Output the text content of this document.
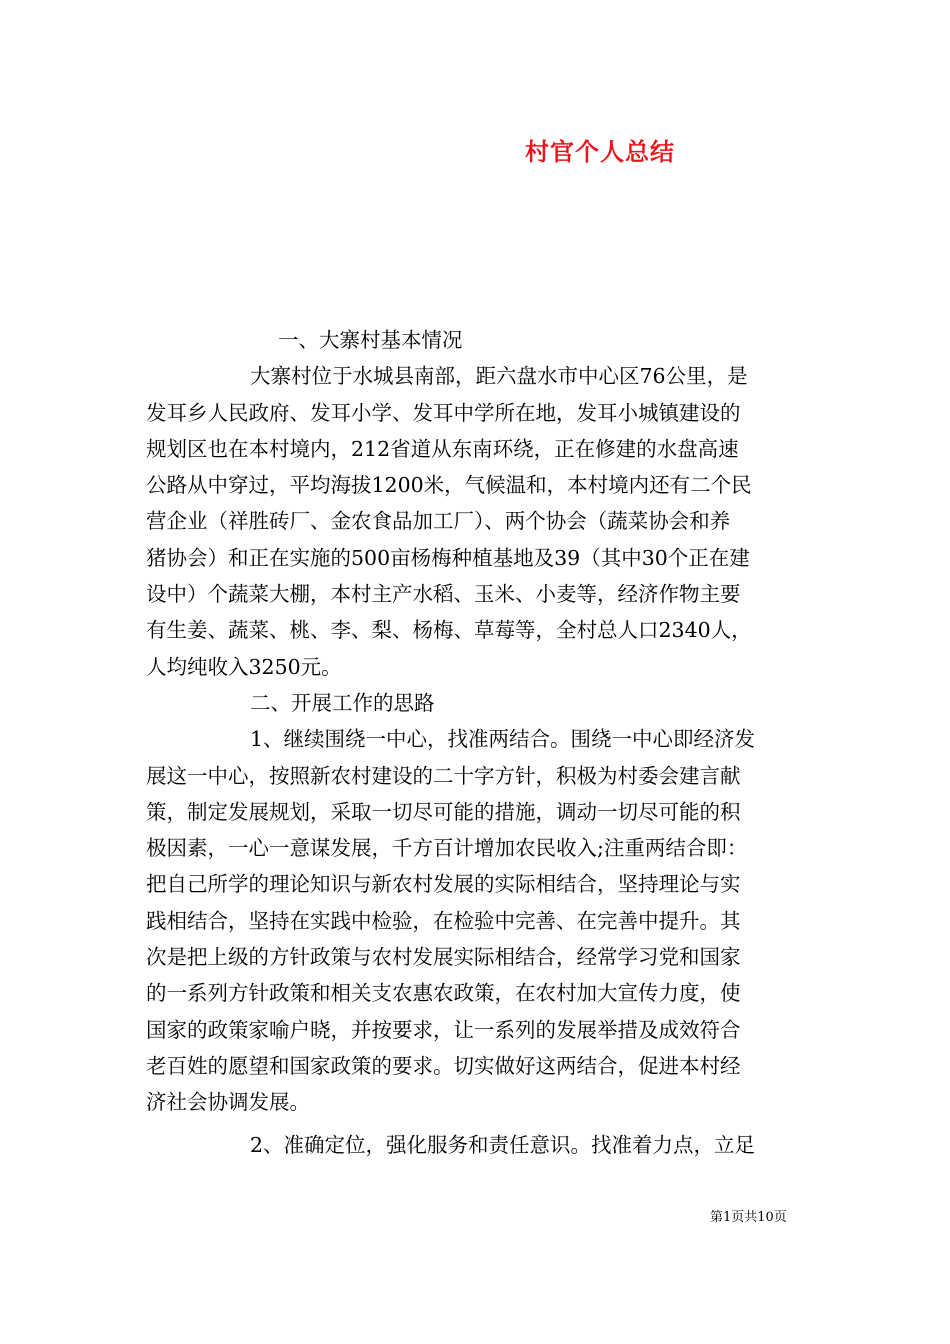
村官个人总结

一、大寨村基本情况

大寨村位于水城县南部，距六盘水市中心区76公里，是

发耳乡人民政府、发耳小学、发耳中学所在地，发耳小城镇建设的

规划区也在本村境内，212省道从东南环绕，正在修建的水盘高速

公路从中穿过，平均海拔1200米，气候温和，本村境内还有二个民

营企业（祥胜砖厂、金农食品加工厂）、两个协会（蔬菜协会和养

猪协会）和正在实施的500亩杨梅种植基地及39（其中30个正在建

设中）个蔬菜大棚，本村主产水稻、玉米、小麦等，经济作物主要

有生姜、蔬菜、桃、李、梨、杨梅、草莓等，全村总人口2340人，

人均纯收入3250元。

二、开展工作的思路

1、继续围绕一中心，找准两结合。围绕一中心即经济发

展这一中心，按照新农村建设的二十字方针，积极为村委会建言献

策，制定发展规划，采取一切尽可能的措施，调动一切尽可能的积

极因素，一心一意谋发展，千方百计增加农民收入;注重两结合即：

把自己所学的理论知识与新农村发展的实际相结合，坚持理论与实

践相结合，坚持在实践中检验，在检验中完善、在完善中提升。其

次是把上级的方针政策与农村发展实际相结合，经常学习党和国家

的一系列方针政策和相关支农惠农政策，在农村加大宣传力度，使

国家的政策家喻户晓，并按要求，让一系列的发展举措及成效符合

老百姓的愿望和国家政策的要求。切实做好这两结合，促进本村经

济社会协调发展。

2、准确定位，强化服务和责任意识。找准着力点，立足

第1页共10页
